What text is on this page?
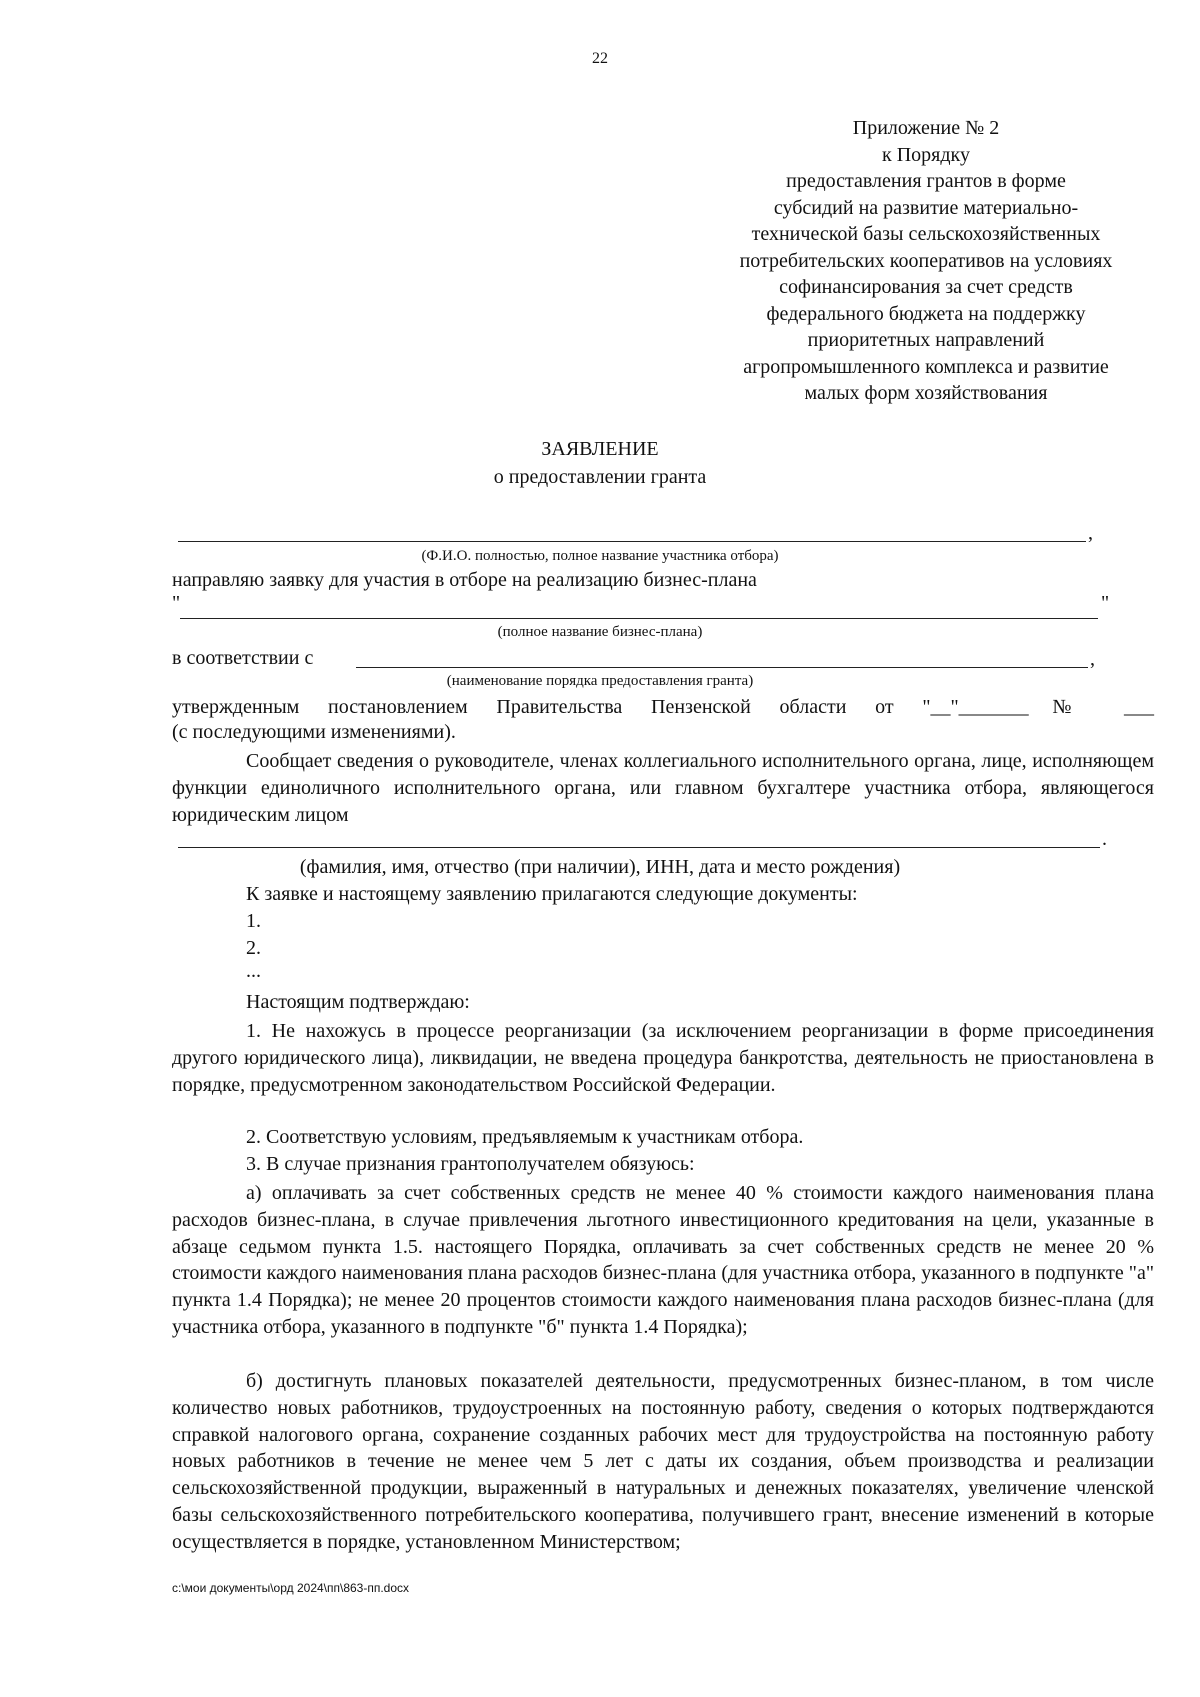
22
Приложение № 2
к Порядку
предоставления грантов в форме
субсидий на развитие материально-
технической базы сельскохозяйственных
потребительских кооперативов на условиях
софинансирования за счет средств
федерального бюджета на поддержку
приоритетных направлений
агропромышленного комплекса и развитие
малых форм хозяйствования
ЗАЯВЛЕНИЕ
о предоставлении гранта
,
(Ф.И.О. полностью, полное название участника отбора)
направляю заявку для участия в отборе на реализацию бизнес-плана
"	"
(полное название бизнес-плана)
в соответствии с	,
(наименование порядка предоставления гранта)
утвержденным постановлением Правительства Пензенской области от "__"_______№ ___
(с последующими изменениями).
Сообщает сведения о руководителе, членах коллегиального исполнительного органа, лице, исполняющем функции единоличного исполнительного органа, или главном бухгалтере участника отбора, являющегося юридическим лицом
.
(фамилия, имя, отчество (при наличии), ИНН, дата и место рождения)
К заявке и настоящему заявлению прилагаются следующие документы:
1.
2.
...
Настоящим подтверждаю:
1. Не нахожусь в процессе реорганизации (за исключением реорганизации в форме присоединения другого юридического лица), ликвидации, не введена процедура банкротства, деятельность не приостановлена в порядке, предусмотренном законодательством Российской Федерации.
2. Соответствую условиям, предъявляемым к участникам отбора.
3. В случае признания грантополучателем обязуюсь:
а) оплачивать за счет собственных средств не менее 40 % стоимости каждого наименования плана расходов бизнес-плана, в случае привлечения льготного инвестиционного кредитования на цели, указанные в абзаце седьмом пункта 1.5. настоящего Порядка, оплачивать за счет собственных средств не менее 20 % стоимости каждого наименования плана расходов бизнес-плана (для участника отбора, указанного в подпункте "а" пункта 1.4 Порядка); не менее 20 процентов стоимости каждого наименования плана расходов бизнес-плана (для участника отбора, указанного в подпункте "б" пункта 1.4 Порядка);
б) достигнуть плановых показателей деятельности, предусмотренных бизнес-планом, в том числе количество новых работников, трудоустроенных на постоянную работу, сведения о которых подтверждаются справкой налогового органа, сохранение созданных рабочих мест для трудоустройства на постоянную работу новых работников в течение не менее чем 5 лет с даты их создания, объем производства и реализации сельскохозяйственной продукции, выраженный в натуральных и денежных показателях, увеличение членской базы сельскохозяйственного потребительского кооператива, получившего грант, внесение изменений в которые осуществляется в порядке, установленном Министерством;
c:\мои документы\орд 2024\пп\863-пп.docx
